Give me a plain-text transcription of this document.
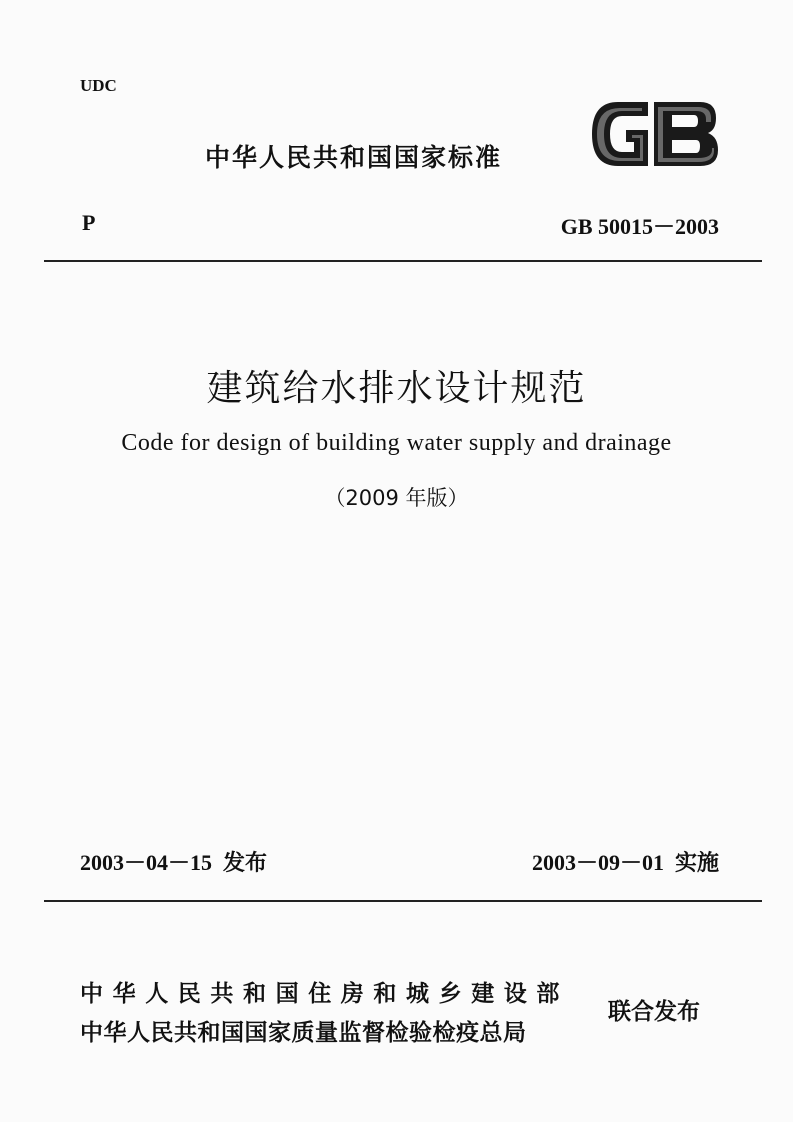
UDC
中华人民共和国国家标准
P	GB 50015－2003
建筑给水排水设计规范
Code for design of building water supply and drainage
（2009 年版）
2003－04－15  发布	2003－09－01  实施
中华人民共和国住房和城乡建设部
中华人民共和国国家质量监督检验检疫总局
联合发布
